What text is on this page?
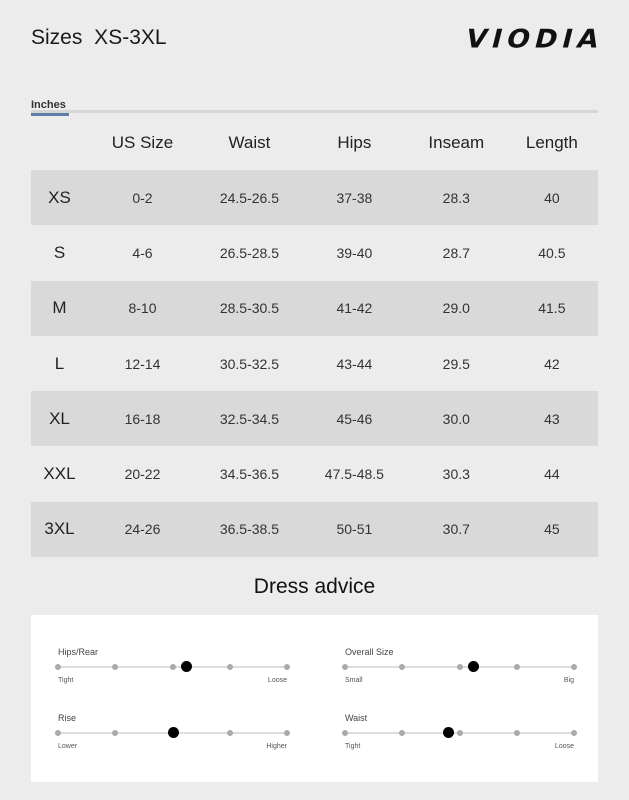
Sizes XS-3XL	VIODIA
Inches
	US Size	Waist	Hips	Inseam	Length
XS	0-2	24.5-26.5	37-38	28.3	40
S	4-6	26.5-28.5	39-40	28.7	40.5
M	8-10	28.5-30.5	41-42	29.0	41.5
L	12-14	30.5-32.5	43-44	29.5	42
XL	16-18	32.5-34.5	45-46	30.0	43
XXL	20-22	34.5-36.5	47.5-48.5	30.3	44
3XL	24-26	36.5-38.5	50-51	30.7	45
Dress advice
Hips/Rear
Tight	Loose
Overall Size
Small	Big
Rise
Lower	Higher
Waist
Tight	Loose
